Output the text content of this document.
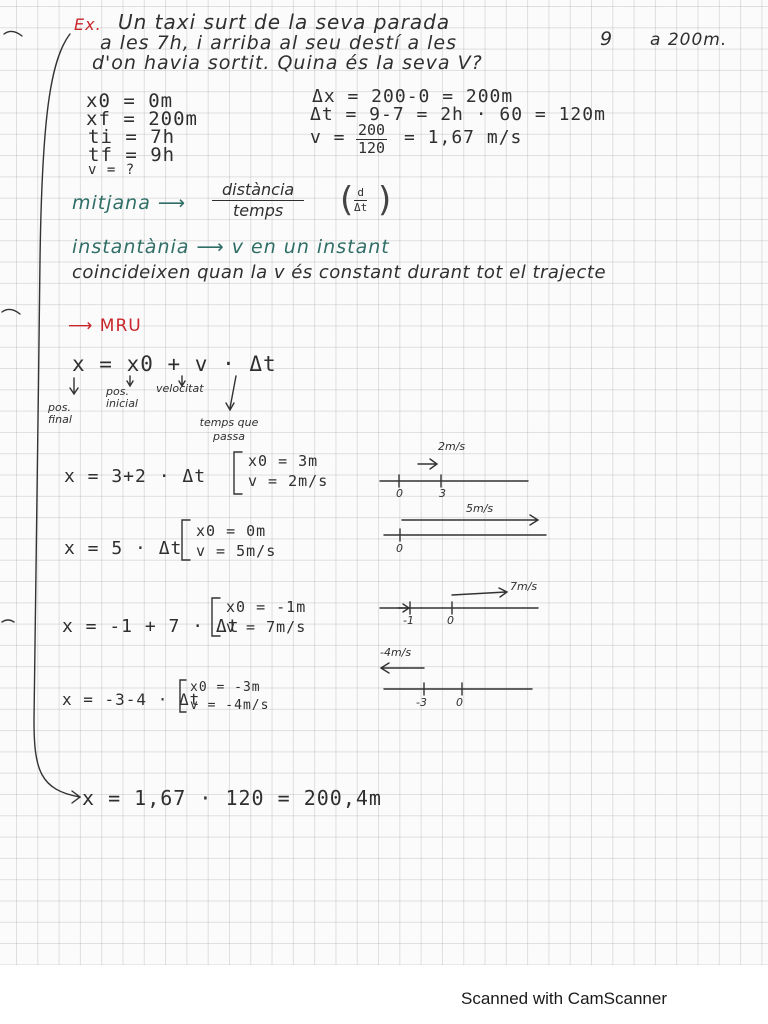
Ex. Un taxi surt de la seva parada
a les 7h, i arriba al seu destí a les	9 a 200m.
d'on havia sortit. Quina és la seva V?
x0 = 0m
xf = 200m
ti = 7h
tf = 9h
v = ?
Δx = 200-0 = 200m
Δt = 9-7 = 2h · 60 = 120m
$v = \frac{200}{120} = 1,67$ m/s
mitjana ⟶
distància
temps	( $\frac{d}{\Delta t}$ )
instantània ⟶ v en un instant
coincideixen quan la v és constant durant tot el trajecte
⟶ MRU
x = x0 + v · Δt
pos. final
pos. inicial
velocitat
temps que passa
x = 3+2 · Δt
x0 = 3m
v = 2m/s
2m/s
0	3
x = 5 · Δt
x0 = 0m
v = 5m/s
5m/s
0
x = -1 + 7 · Δt
x0 = -1m
v = 7m/s
7m/s
-1	0
x = -3-4 · Δt
x0 = -3m
v = -4m/s
-4m/s
-3	0
x = 1,67 · 120 = 200,4m
Scanned with CamScanner
